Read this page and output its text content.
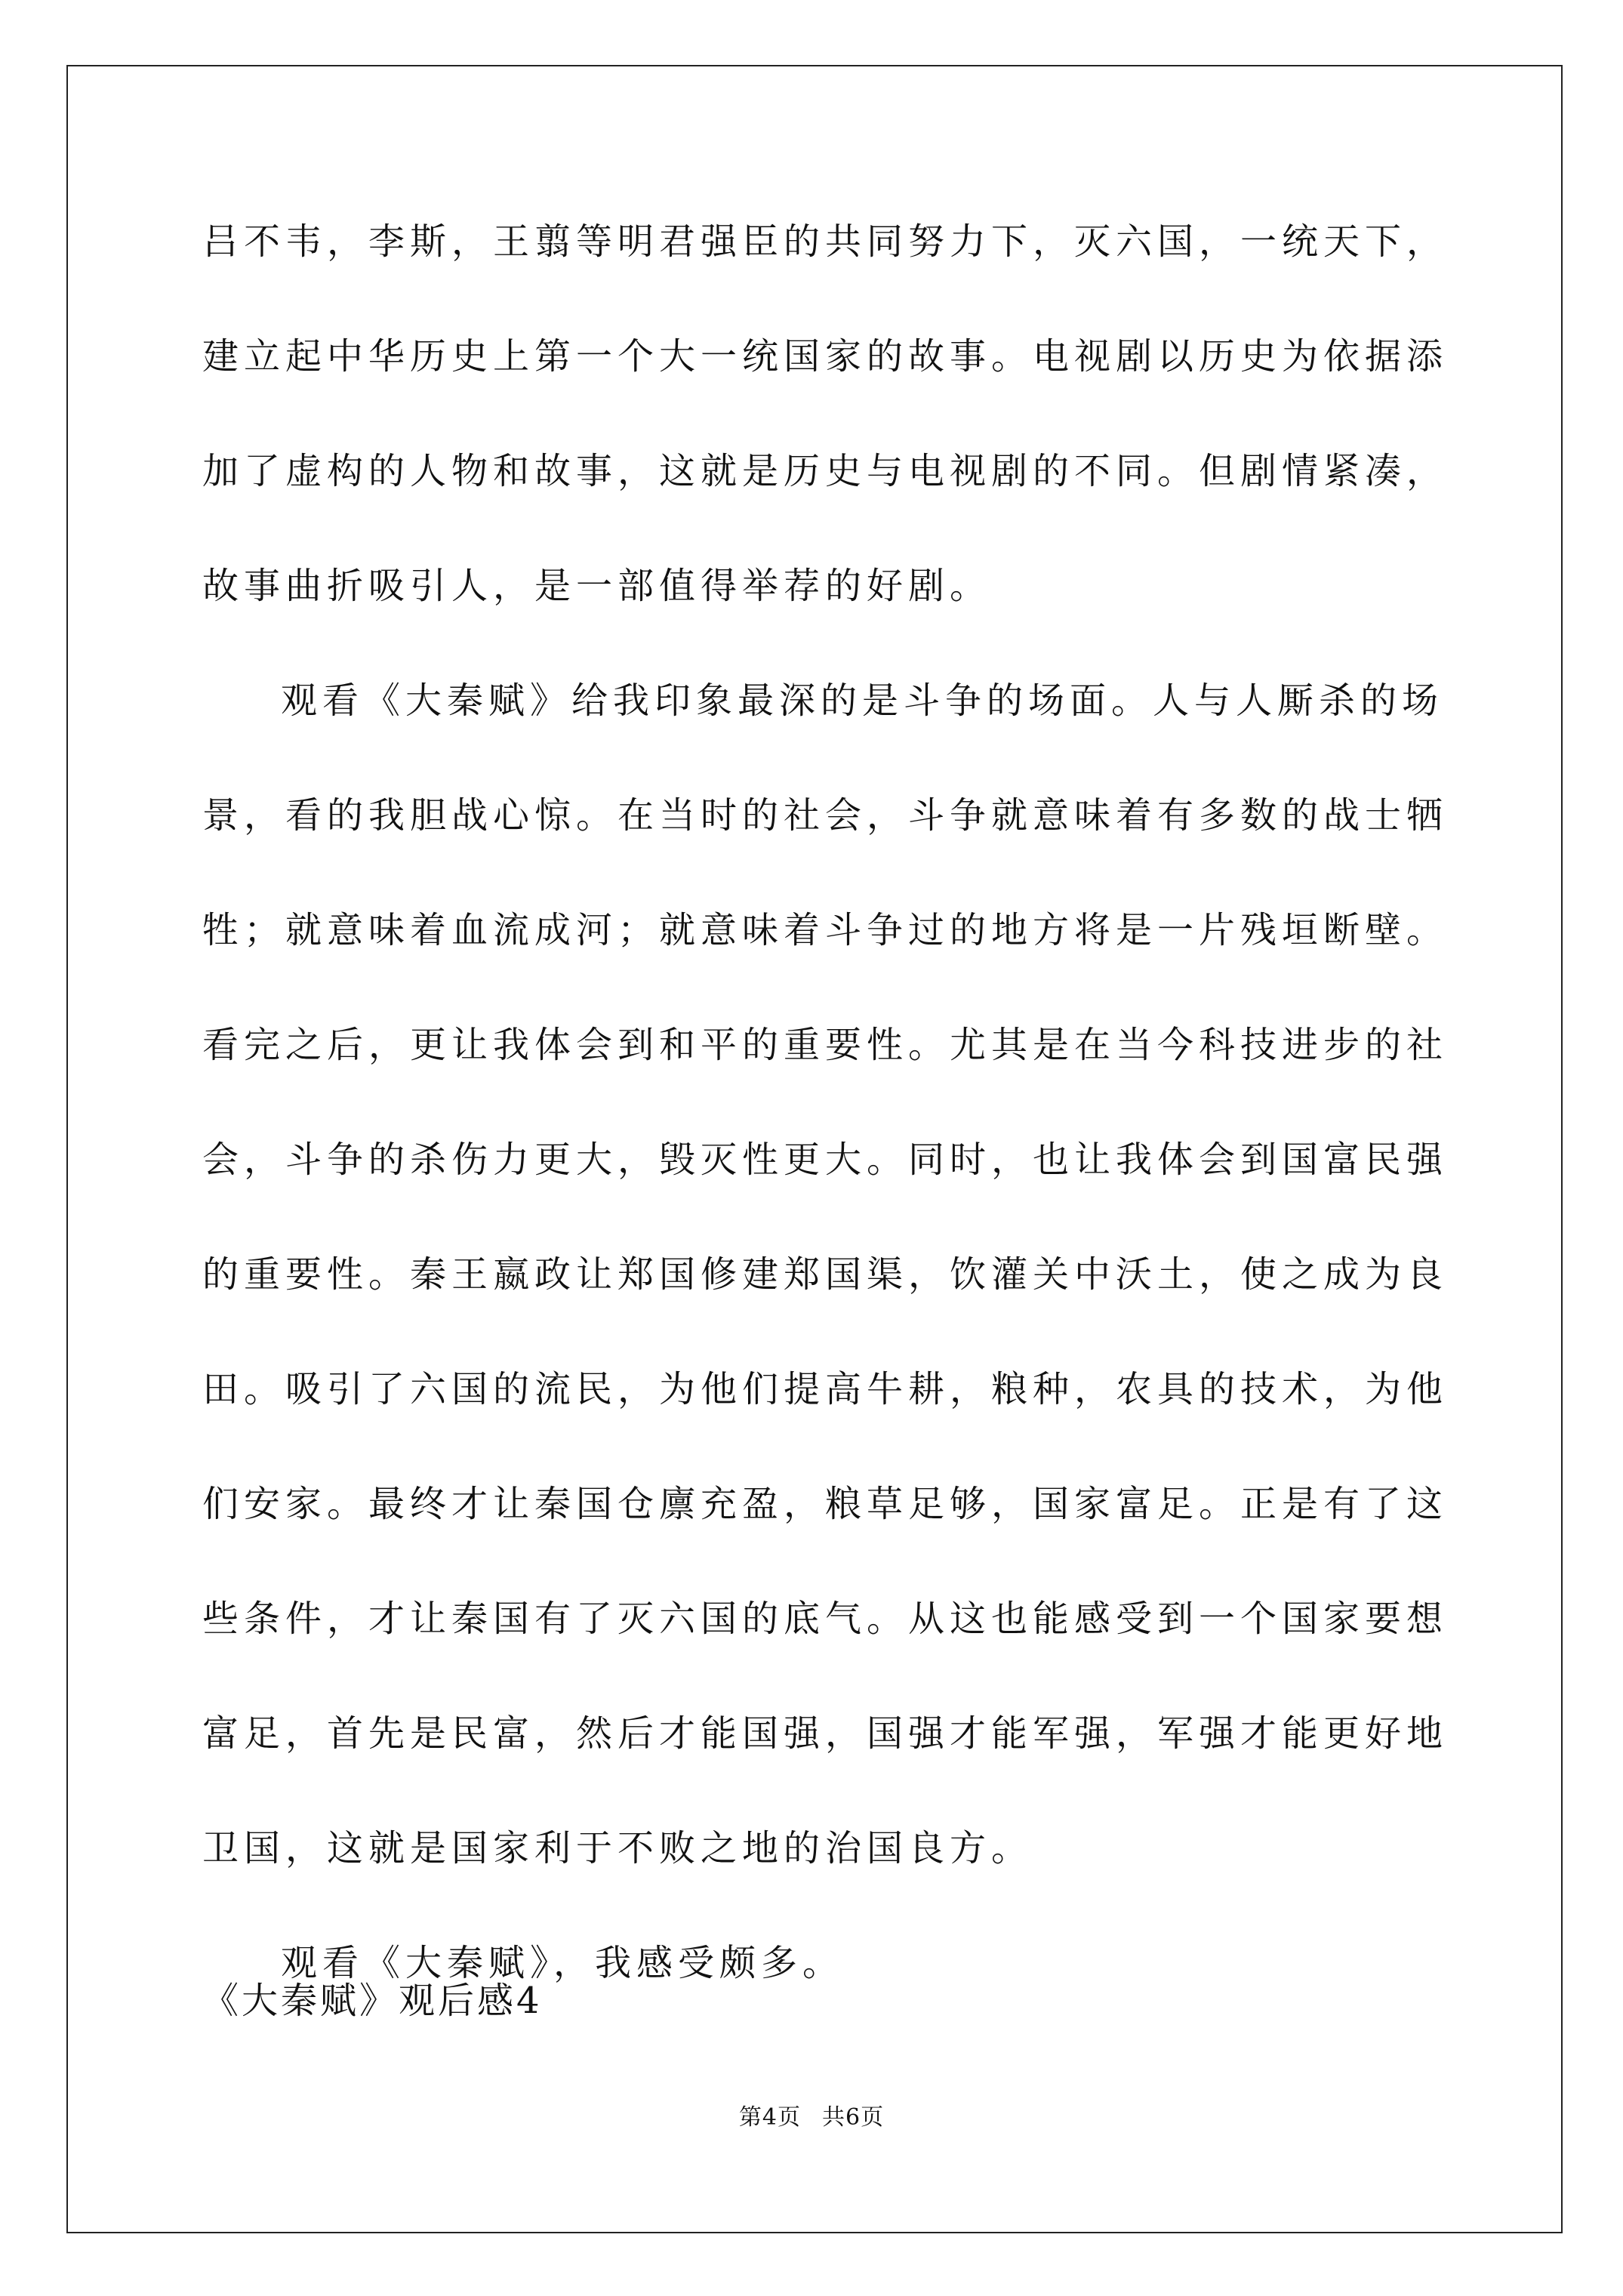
吕不韦，李斯，王翦等明君强臣的共同努力下，灭六国，一统天下，
建立起中华历史上第一个大一统国家的故事。电视剧以历史为依据添
加了虚构的人物和故事，这就是历史与电视剧的不同。但剧情紧凑，
故事曲折吸引人，是一部值得举荐的好剧。
观看《大秦赋》给我印象最深的是斗争的场面。人与人厮杀的场
景，看的我胆战心惊。在当时的社会，斗争就意味着有多数的战士牺
牲；就意味着血流成河；就意味着斗争过的地方将是一片残垣断壁。
看完之后，更让我体会到和平的重要性。尤其是在当今科技进步的社
会，斗争的杀伤力更大，毁灭性更大。同时，也让我体会到国富民强
的重要性。秦王嬴政让郑国修建郑国渠，饮灌关中沃土，使之成为良
田。吸引了六国的流民，为他们提高牛耕，粮种，农具的技术，为他
们安家。最终才让秦国仓廪充盈，粮草足够，国家富足。正是有了这
些条件，才让秦国有了灭六国的底气。从这也能感受到一个国家要想
富足，首先是民富，然后才能国强，国强才能军强，军强才能更好地
卫国，这就是国家利于不败之地的治国良方。
观看《大秦赋》，我感受颇多。
《大秦赋》观后感4
第4页 共6页
